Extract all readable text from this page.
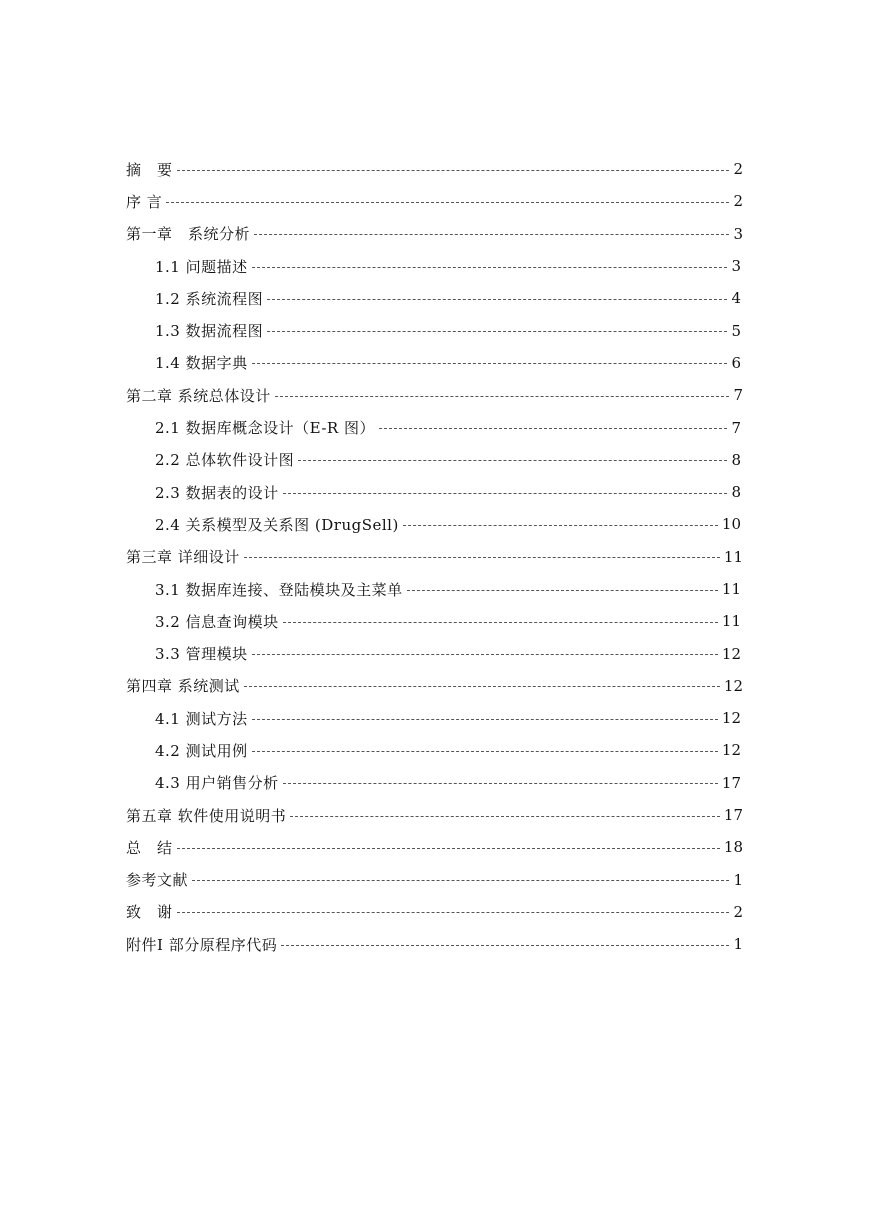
摘　要	2
序 言	2
第一章　系统分析	3
1.1 问题描述	3
1.2 系统流程图	4
1.3 数据流程图	5
1.4 数据字典	6
第二章 系统总体设计	7
2.1 数据库概念设计（E-R 图）	7
2.2 总体软件设计图	8
2.3 数据表的设计	8
2.4 关系模型及关系图 (DrugSell)	10
第三章 详细设计	11
3.1 数据库连接、登陆模块及主菜单	11
3.2 信息查询模块	11
3.3 管理模块	12
第四章 系统测试	12
4.1 测试方法	12
4.2 测试用例	12
4.3 用户销售分析	17
第五章 软件使用说明书	17
总　结	18
参考文献	1
致　谢	2
附件Ⅰ 部分原程序代码	1
